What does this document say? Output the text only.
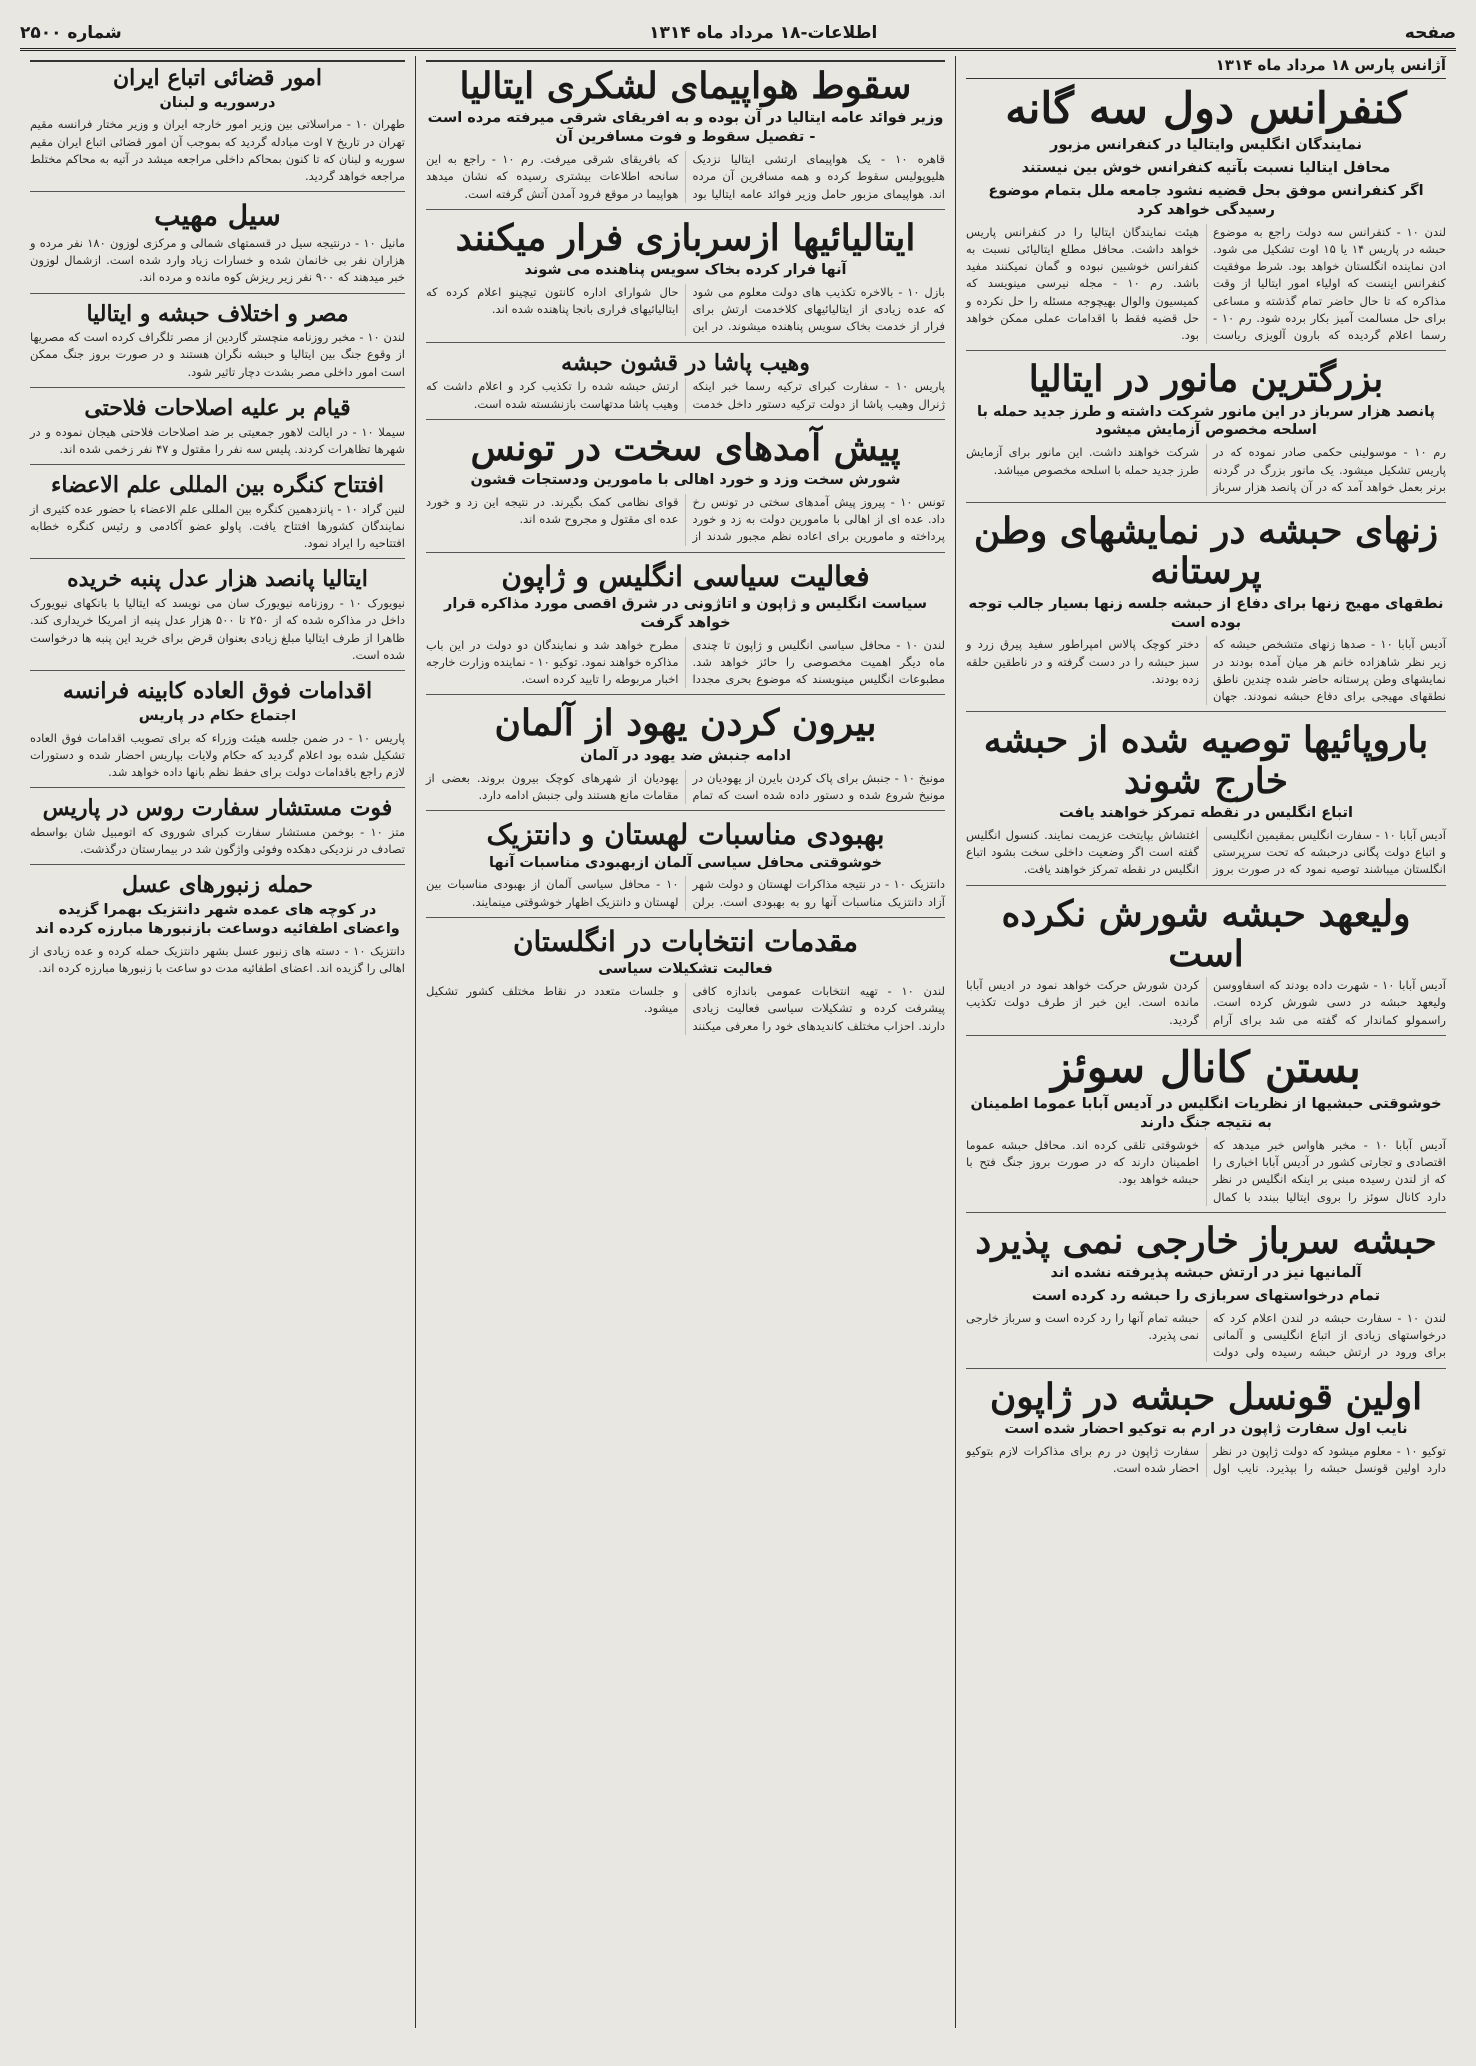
صفحه
اطلاعات-۱۸ مرداد ماه ۱۳۱۴
شماره ۲۵۰۰
آژانس پارس ۱۸ مرداد ماه ۱۳۱۴
کنفرانس دول سه گانه
نمایندگان انگلیس وایتالیا در کنفرانس مزبور
محافل ایتالیا نسبت بآتیه کنفرانس خوش بین نیستند
اگر کنفرانس موفق بحل قضیه نشود جامعه ملل بتمام موضوع رسیدگی خواهد کرد
لندن ۱۰ - کنفرانس سه دولت راجع به موضوع حبشه در پاریس ۱۴ یا ۱۵ اوت تشکیل می شود. ادن نماینده انگلستان خواهد بود. شرط موفقیت کنفرانس اینست که اولیاء امور ایتالیا از وقت مذاکره که تا حال حاضر تمام گذشته و مساعی برای حل مسالمت آمیز بکار برده شود. رم ۱۰ - رسما اعلام گردیده که بارون آلویزی ریاست هیئت نمایندگان ایتالیا را در کنفرانس پاریس خواهد داشت. محافل مطلع ایتالیائی نسبت به کنفرانس خوشبین نبوده و گمان نمیکنند مفید باشد. رم ۱۰ - مجله نیرسی مینویسد که کمیسیون والوال بهیچوجه مسئله را حل نکرده و حل قضیه فقط با اقدامات عملی ممکن خواهد بود.
بزرگترین مانور در ایتالیا
پانصد هزار سرباز در این مانور شرکت داشته و طرز جدید حمله با اسلحه مخصوص آزمایش میشود
رم ۱۰ - موسولینی حکمی صادر نموده که در پاریس تشکیل میشود. یک مانور بزرگ در گردنه برنر بعمل خواهد آمد که در آن پانصد هزار سرباز شرکت خواهند داشت. این مانور برای آزمایش طرز جدید حمله با اسلحه مخصوص میباشد.
زنهای حبشه در نمایشهای وطن پرستانه
نطقهای مهیج زنها برای دفاع از حبشه جلسه زنها بسیار جالب توجه بوده است
آدیس آبابا ۱۰ - صدها زنهای متشخص حبشه که زیر نظر شاهزاده خانم هر میان آمده بودند در نمایشهای وطن پرستانه حاضر شده چندین ناطق نطقهای مهیجی برای دفاع حبشه نمودند. جهان دختر کوچک پالاس امپراطور سفید پیرق زرد و سبز حبشه را در دست گرفته و در ناطقین حلقه زده بودند.
باروپائیها توصیه شده از حبشه خارج شوند
اتباع انگلیس در نقطه تمرکز خواهند یافت
آدیس آبابا ۱۰ - سفارت انگلیس بمقیمین انگلیسی و اتباع دولت پگانی درحبشه که تحت سرپرستی انگلستان میباشند توصیه نمود که در صورت بروز اغتشاش بپایتخت عزیمت نمایند. کنسول انگلیس گفته است اگر وضعیت داخلی سخت بشود اتباع انگلیس در نقطه تمرکز خواهند یافت.
ولیعهد حبشه شورش نکرده است
آدیس آبابا ۱۰ - شهرت داده بودند که اسفاووسن ولیعهد حبشه در دسی شورش کرده است. راسمولو کماندار که گفته می شد برای آرام کردن شورش حرکت خواهد نمود در ادیس آبابا مانده است. این خبر از طرف دولت تکذیب گردید.
بستن کانال سوئز
خوشوقتی حبشیها از نظریات انگلیس در آدیس آبابا عموما اطمینان به نتیجه جنگ دارند
آدیس آبابا ۱۰ - مخبر هاواس خبر میدهد که اقتصادی و تجارتی کشور در آدیس آبابا اخباری را که از لندن رسیده مبنی بر اینکه انگلیس در نظر دارد کانال سوئز را بروی ایتالیا ببندد با کمال خوشوقتی تلقی کرده اند. محافل حبشه عموما اطمینان دارند که در صورت بروز جنگ فتح با حبشه خواهد بود.
حبشه سرباز خارجی نمی پذیرد
آلمانیها نیز در ارتش حبشه پذیرفته نشده اند
تمام درخواستهای سربازی را حبشه رد کرده است
لندن ۱۰ - سفارت حبشه در لندن اعلام کرد که درخواستهای زیادی از اتباع انگلیسی و آلمانی برای ورود در ارتش حبشه رسیده ولی دولت حبشه تمام آنها را رد کرده است و سرباز خارجی نمی پذیرد.
اولین قونسل حبشه در ژاپون
نایب اول سفارت ژاپون در ارم به توکیو احضار شده است
توکیو ۱۰ - معلوم میشود که دولت ژاپون در نظر دارد اولین قونسل حبشه را بپذیرد. نایب اول سفارت ژاپون در رم برای مذاکرات لازم بتوکیو احضار شده است.
سقوط هواپیمای لشکری ایتالیا
وزیر فوائد عامه ایتالیا در آن بوده و به افریقای شرقی میرفته مرده است - تفصیل سقوط و فوت مسافرین آن
قاهره ۱۰ - یک هواپیمای ارتشی ایتالیا نزدیک هلیوپولیس سقوط کرده و همه مسافرین آن مرده اند. هواپیمای مزبور حامل وزیر فوائد عامه ایتالیا بود که بافریقای شرقی میرفت. رم ۱۰ - راجع به این سانحه اطلاعات بیشتری رسیده که نشان میدهد هواپیما در موقع فرود آمدن آتش گرفته است.
ایتالیائیها ازسربازی فرار میکنند
آنها فرار کرده بخاک سویس پناهنده می شوند
بازل ۱۰ - بالاخره تکذیب های دولت معلوم می شود که عده زیادی از ایتالیائیهای کلاخدمت ارتش برای فرار از خدمت بخاک سویس پناهنده میشوند. در این حال شوارای اداره کانتون تیچینو اعلام کرده که ایتالیائیهای فراری بانجا پناهنده شده اند.
وهیب پاشا در قشون حبشه
پاریس ۱۰ - سفارت کبرای ترکیه رسما خبر اینکه ژنرال وهیب پاشا از دولت ترکیه دستور داخل خدمت ارتش حبشه شده را تکذیب کرد و اعلام داشت که وهیب پاشا مدتهاست بازنشسته شده است.
پیش آمدهای سخت در تونس
شورش سخت وزد و خورد اهالی با مامورین ودستجات قشون
تونس ۱۰ - پیروز پیش آمدهای سختی در تونس رخ داد. عده ای از اهالی با مامورین دولت به زد و خورد پرداخته و مامورین برای اعاده نظم مجبور شدند از قوای نظامی کمک بگیرند. در نتیجه این زد و خورد عده ای مقتول و مجروح شده اند.
فعالیت سیاسی انگلیس و ژاپون
سیاست انگلیس و ژاپون و اتاژونی در شرق اقصی مورد مذاکره قرار خواهد گرفت
لندن ۱۰ - محافل سیاسی انگلیس و ژاپون تا چندی ماه دیگر اهمیت مخصوصی را حائز خواهد شد. مطبوعات انگلیس مینویسند که موضوع بحری مجددا مطرح خواهد شد و نمایندگان دو دولت در این باب مذاکره خواهند نمود. توکیو ۱۰ - نماینده وزارت خارجه اخبار مربوطه را تایید کرده است.
بیرون کردن یهود از آلمان
ادامه جنبش ضد یهود در آلمان
مونیخ ۱۰ - جنبش برای پاک کردن بایرن از یهودیان در مونیخ شروع شده و دستور داده شده است که تمام یهودیان از شهرهای کوچک بیرون بروند. بعضی از مقامات مانع هستند ولی جنبش ادامه دارد.
بهبودی مناسبات لهستان و دانتزیک
خوشوقتی محافل سیاسی آلمان ازبهبودی مناسبات آنها
دانتزیک ۱۰ - در نتیجه مذاکرات لهستان و دولت شهر آزاد دانتزیک مناسبات آنها رو به بهبودی است. برلن ۱۰ - محافل سیاسی آلمان از بهبودی مناسبات بین لهستان و دانتزیک اظهار خوشوقتی مینمایند.
مقدمات انتخابات در انگلستان
فعالیت تشکیلات سیاسی
لندن ۱۰ - تهیه انتخابات عمومی باندازه کافی پیشرفت کرده و تشکیلات سیاسی فعالیت زیادی دارند. احزاب مختلف کاندیدهای خود را معرفی میکنند و جلسات متعدد در نقاط مختلف کشور تشکیل میشود.
امور قضائی اتباع ایران
درسوریه و لبنان
طهران ۱۰ - مراسلاتی بین وزیر امور خارجه ایران و وزیر مختار فرانسه مقیم تهران در تاریخ ۷ اوت مبادله گردید که بموجب آن امور قضائی اتباع ایران مقیم سوریه و لبنان که تا کنون بمحاکم داخلی مراجعه میشد در آتیه به محاکم مختلط مراجعه خواهد گردید.
سیل مهیب
مانیل ۱۰ - درنتیجه سیل در قسمتهای شمالی و مرکزی لوزون ۱۸۰ نفر مرده و هزاران نفر بی خانمان شده و خسارات زیاد وارد شده است. ازشمال لوزون خبر میدهند که ۹۰۰ نفر زیر ریزش کوه مانده و مرده اند.
مصر و اختلاف حبشه و ایتالیا
لندن ۱۰ - مخبر روزنامه منچستر گاردین از مصر تلگراف کرده است که مصریها از وقوع جنگ بین ایتالیا و حبشه نگران هستند و در صورت بروز جنگ ممکن است امور داخلی مصر بشدت دچار تاثیر شود.
قیام بر علیه اصلاحات فلاحتی
سیملا ۱۰ - در ایالت لاهور جمعیتی بر ضد اصلاحات فلاحتی هیجان نموده و در شهرها تظاهرات کردند. پلیس سه نفر را مقتول و ۴۷ نفر زخمی شده اند.
افتتاح کنگره بین المللی علم الاعضاء
لنین گراد ۱۰ - پانزدهمین کنگره بین المللی علم الاعضاء با حضور عده کثیری از نمایندگان کشورها افتتاح یافت. پاولو عضو آکادمی و رئیس کنگره خطابه افتتاحیه را ایراد نمود.
ایتالیا پانصد هزار عدل پنبه خریده
نیویورک ۱۰ - روزنامه نیویورک سان می نویسد که ایتالیا با بانکهای نیویورک داخل در مذاکره شده که از ۲۵۰ تا ۵۰۰ هزار عدل پنبه از امریکا خریداری کند. ظاهرا از طرف ایتالیا مبلغ زیادی بعنوان قرض برای خرید این پنبه ها درخواست شده است.
اقدامات فوق العاده کابینه فرانسه
اجتماع حکام در پاریس
پاریس ۱۰ - در ضمن جلسه هیئت وزراء که برای تصویب اقدامات فوق العاده تشکیل شده بود اعلام گردید که حکام ولایات بپاریس احضار شده و دستورات لازم راجع باقدامات دولت برای حفظ نظم بانها داده خواهد شد.
فوت مستشار سفارت روس در پاریس
متز ۱۰ - بوخمن مستشار سفارت کبرای شوروی که اتومبیل شان بواسطه تصادف در نزدیکی دهکده وفوئی واژگون شد در بیمارستان درگذشت.
حمله زنبورهای عسل
در کوچه های عمده شهر دانتزیک بهمرا گزیده واعضای اطفائیه دوساعت بازنبورها مبارزه کرده اند
دانتزیک ۱۰ - دسته های زنبور عسل بشهر دانتزیک حمله کرده و عده زیادی از اهالی را گزیده اند. اعضای اطفائیه مدت دو ساعت با زنبورها مبارزه کرده اند.
